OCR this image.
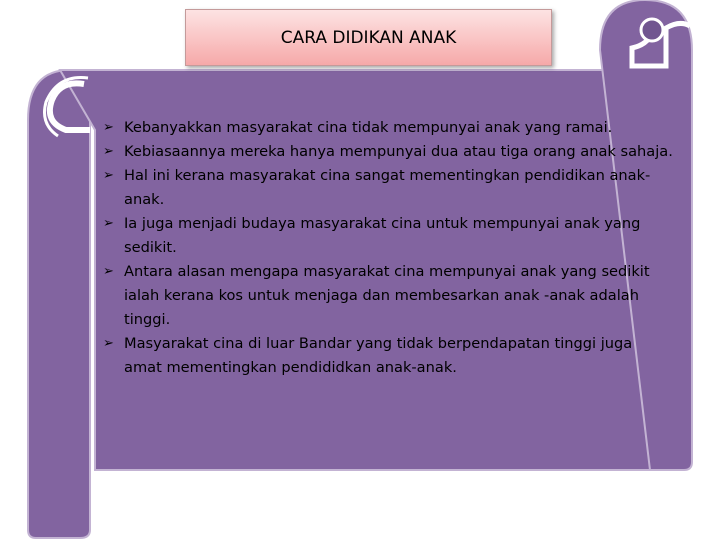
CARA DIDIKAN ANAK
➢ Kebanyakkan masyarakat cina tidak mempunyai anak yang ramai.
➢ Kebiasaannya mereka hanya mempunyai dua atau tiga orang anak sahaja.
➢ Hal ini kerana masyarakat cina sangat mementingkan pendidikan anak-anak.
➢ Ia juga menjadi budaya masyarakat cina untuk mempunyai anak yang sedikit.
➢ Antara alasan mengapa masyarakat cina mempunyai anak yang sedikit ialah kerana kos untuk menjaga dan membesarkan anak -anak adalah tinggi.
➢ Masyarakat cina di luar Bandar yang tidak berpendapatan tinggi juga amat mementingkan pendididkan anak-anak.
